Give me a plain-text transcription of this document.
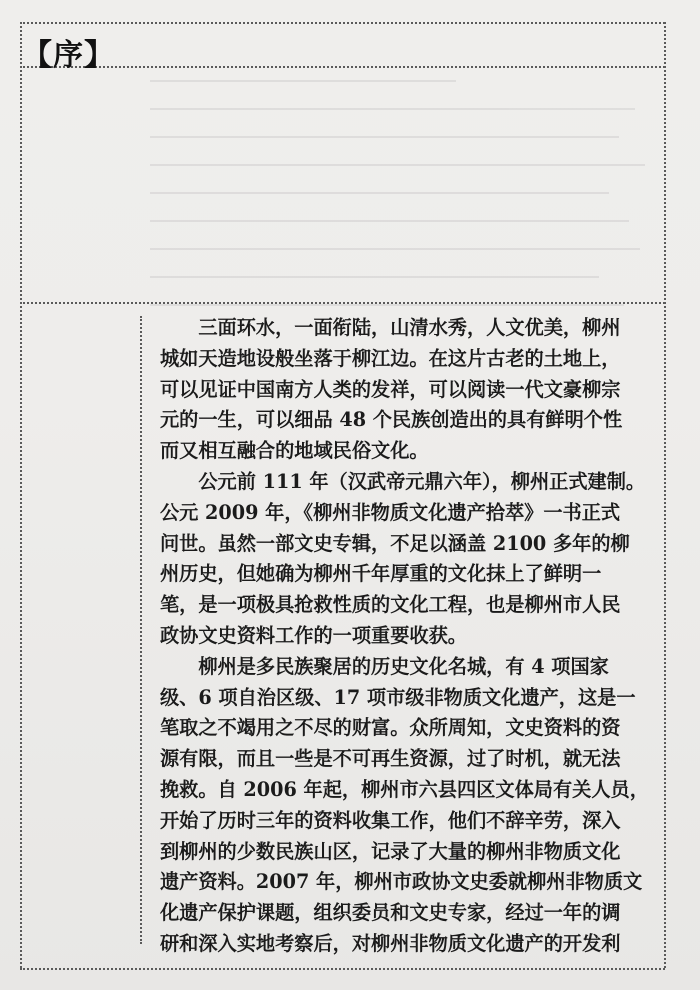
【序】

　　三面环水，一面衔陆，山清水秀，人文优美，柳州
城如天造地设般坐落于柳江边。在这片古老的土地上，
可以见证中国南方人类的发祥，可以阅读一代文豪柳宗
元的一生，可以细品 48 个民族创造出的具有鲜明个性
而又相互融合的地域民俗文化。

　　公元前 111 年（汉武帝元鼎六年），柳州正式建制。
公元 2009 年，《柳州非物质文化遗产拾萃》一书正式
问世。虽然一部文史专辑，不足以涵盖 2100 多年的柳
州历史，但她确为柳州千年厚重的文化抹上了鲜明一
笔，是一项极具抢救性质的文化工程，也是柳州市人民
政协文史资料工作的一项重要收获。

　　柳州是多民族聚居的历史文化名城，有 4 项国家
级、6 项自治区级、17 项市级非物质文化遗产，这是一
笔取之不竭用之不尽的财富。众所周知，文史资料的资
源有限，而且一些是不可再生资源，过了时机，就无法
挽救。自 2006 年起，柳州市六县四区文体局有关人员，
开始了历时三年的资料收集工作，他们不辞辛劳，深入
到柳州的少数民族山区，记录了大量的柳州非物质文化
遗产资料。2007 年，柳州市政协文史委就柳州非物质文
化遗产保护课题，组织委员和文史专家，经过一年的调
研和深入实地考察后，对柳州非物质文化遗产的开发利
